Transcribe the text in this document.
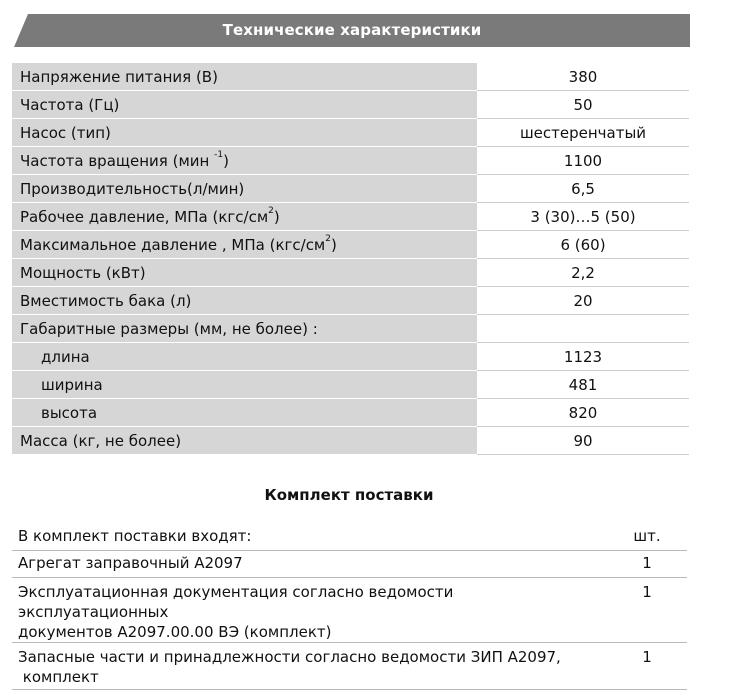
Технические характеристики
Напряжение питания (В)	380
Частота (Гц)	50
Насос (тип)	шестеренчатый
Частота вращения (мин $^{-1}$)	1100
Производительность(л/мин)	6,5
Рабочее давление, МПа $(кгс/см^2)$	3 (30)…5 (50)
Максимальное давление , МПа $(кгс/см^2)$	6 (60)
Мощность (кВт)	2,2
Вместимость бака (л)	20
Габаритные размеры (мм, не более) :	
длина	1123
ширина	481
высота	820
Масса (кг, не более)	90
Комплект поставки
В комплект поставки входят:	шт.

Агрегат заправочный А2097	1

Эксплуатационная документация согласно ведомости эксплуатационных
документов А2097.00.00 ВЭ (комплект)	1

Запасные части и принадлежности согласно ведомости ЗИП А2097,
комплект	1
